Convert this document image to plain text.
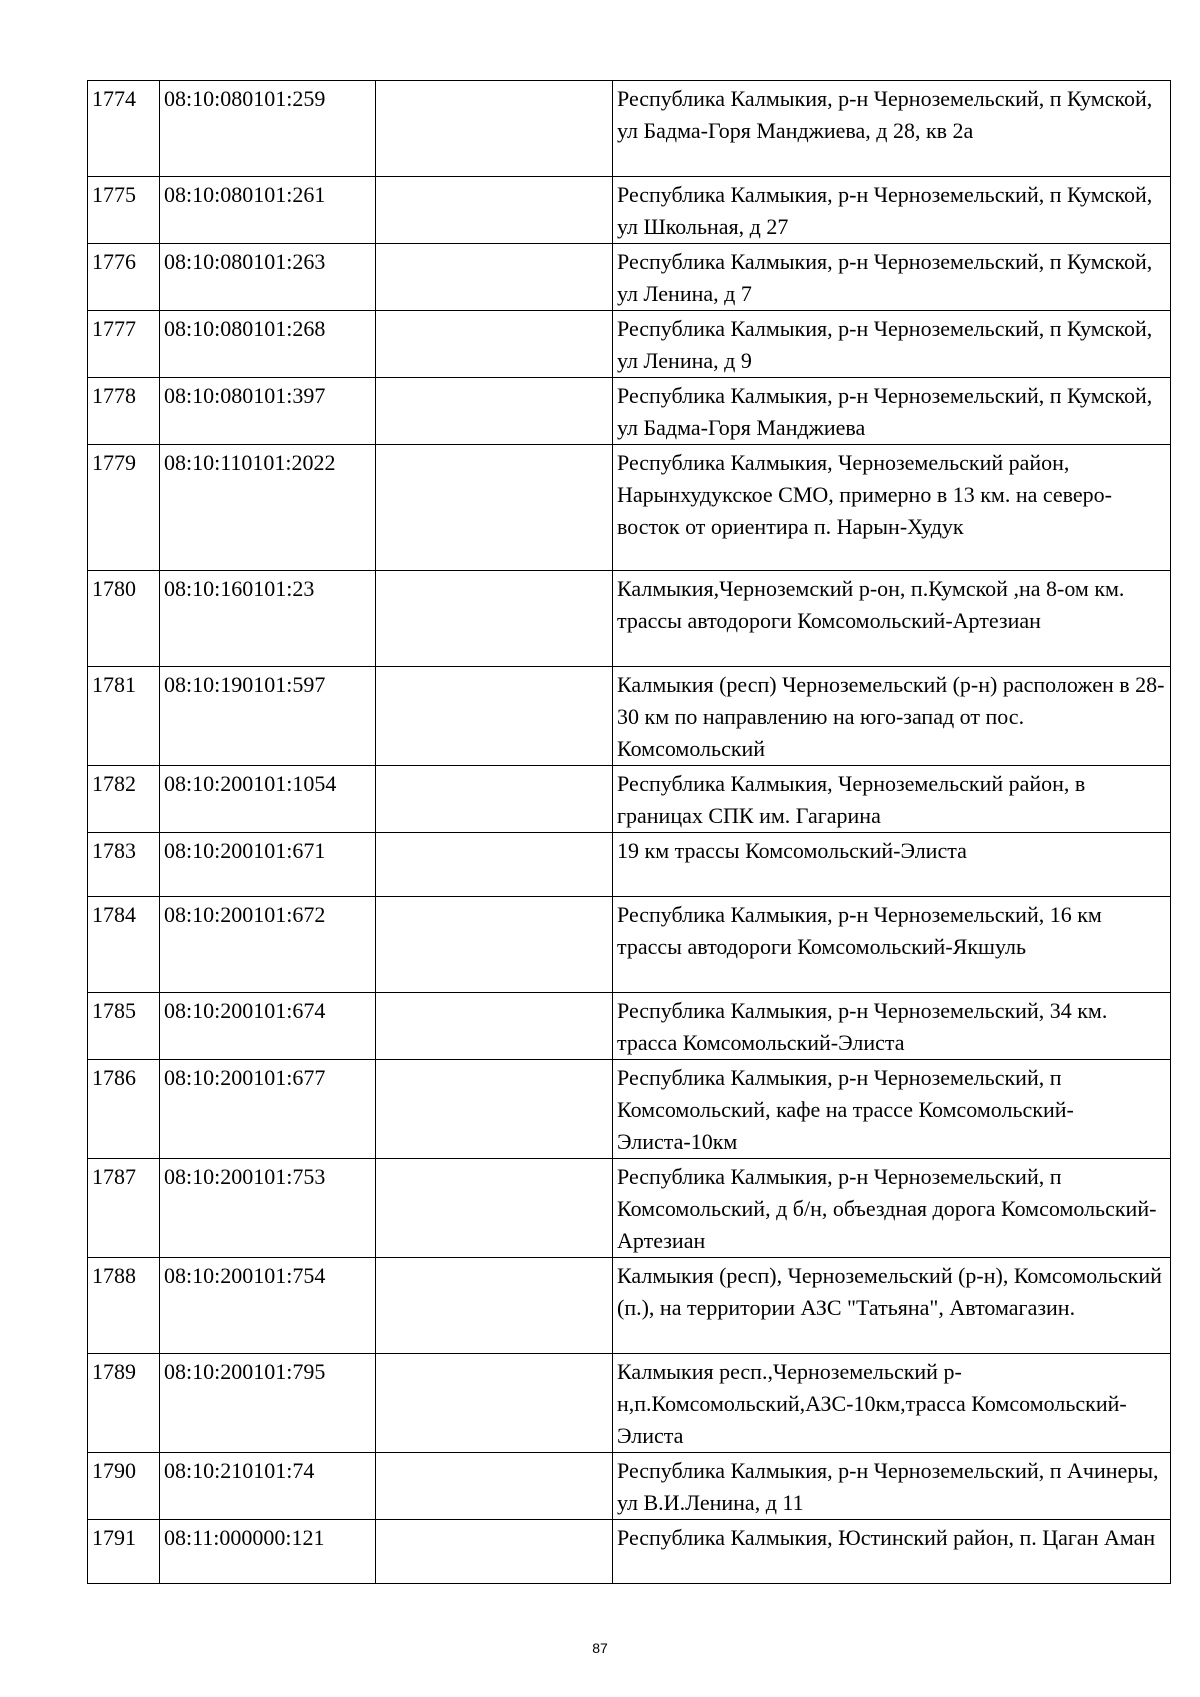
1774	08:10:080101:259		Республика Калмыкия, р-н Черноземельский, п Кумской, ул Бадма-Горя Манджиева, д 28, кв 2а
1775	08:10:080101:261		Республика Калмыкия, р-н Черноземельский, п Кумской, ул Школьная, д 27
1776	08:10:080101:263		Республика Калмыкия, р-н Черноземельский, п Кумской, ул Ленина, д 7
1777	08:10:080101:268		Республика Калмыкия, р-н Черноземельский, п Кумской, ул Ленина, д 9
1778	08:10:080101:397		Республика Калмыкия, р-н Черноземельский, п Кумской, ул Бадма-Горя Манджиева
1779	08:10:110101:2022		Республика Калмыкия, Черноземельский район, Нарынхудукское СМО, примерно в 13 км. на северо-восток от ориентира п. Нарын-Худук
1780	08:10:160101:23		Калмыкия,Черноземский р-он, п.Кумской ,на 8-ом км. трассы автодороги Комсомольский-Артезиан
1781	08:10:190101:597		Калмыкия (респ) Черноземельский (р-н) расположен в 28-30 км по направлению на юго-запад от пос. Комсомольский
1782	08:10:200101:1054		Республика Калмыкия, Черноземельский район, в границах СПК им. Гагарина
1783	08:10:200101:671		19 км трассы Комсомольский-Элиста
1784	08:10:200101:672		Республика Калмыкия, р-н Черноземельский, 16 км трассы автодороги Комсомольский-Якшуль
1785	08:10:200101:674		Республика Калмыкия, р-н Черноземельский, 34 км. трасса Комсомольский-Элиста
1786	08:10:200101:677		Республика Калмыкия, р-н Черноземельский, п Комсомольский, кафе на трассе Комсомольский-Элиста-10км
1787	08:10:200101:753		Республика Калмыкия, р-н Черноземельский, п Комсомольский, д б/н, объездная дорога Комсомольский-Артезиан
1788	08:10:200101:754		Калмыкия (респ), Черноземельский (р-н), Комсомольский (п.), на территории АЗС "Татьяна", Автомагазин.
1789	08:10:200101:795		Калмыкия респ.,Черноземельский р-н,п.Комсомольский,АЗС-10км,трасса Комсомольский-Элиста
1790	08:10:210101:74		Республика Калмыкия, р-н Черноземельский, п Ачинеры, ул В.И.Ленина, д 11
1791	08:11:000000:121		Республика Калмыкия, Юстинский район, п. Цаган Аман
87
